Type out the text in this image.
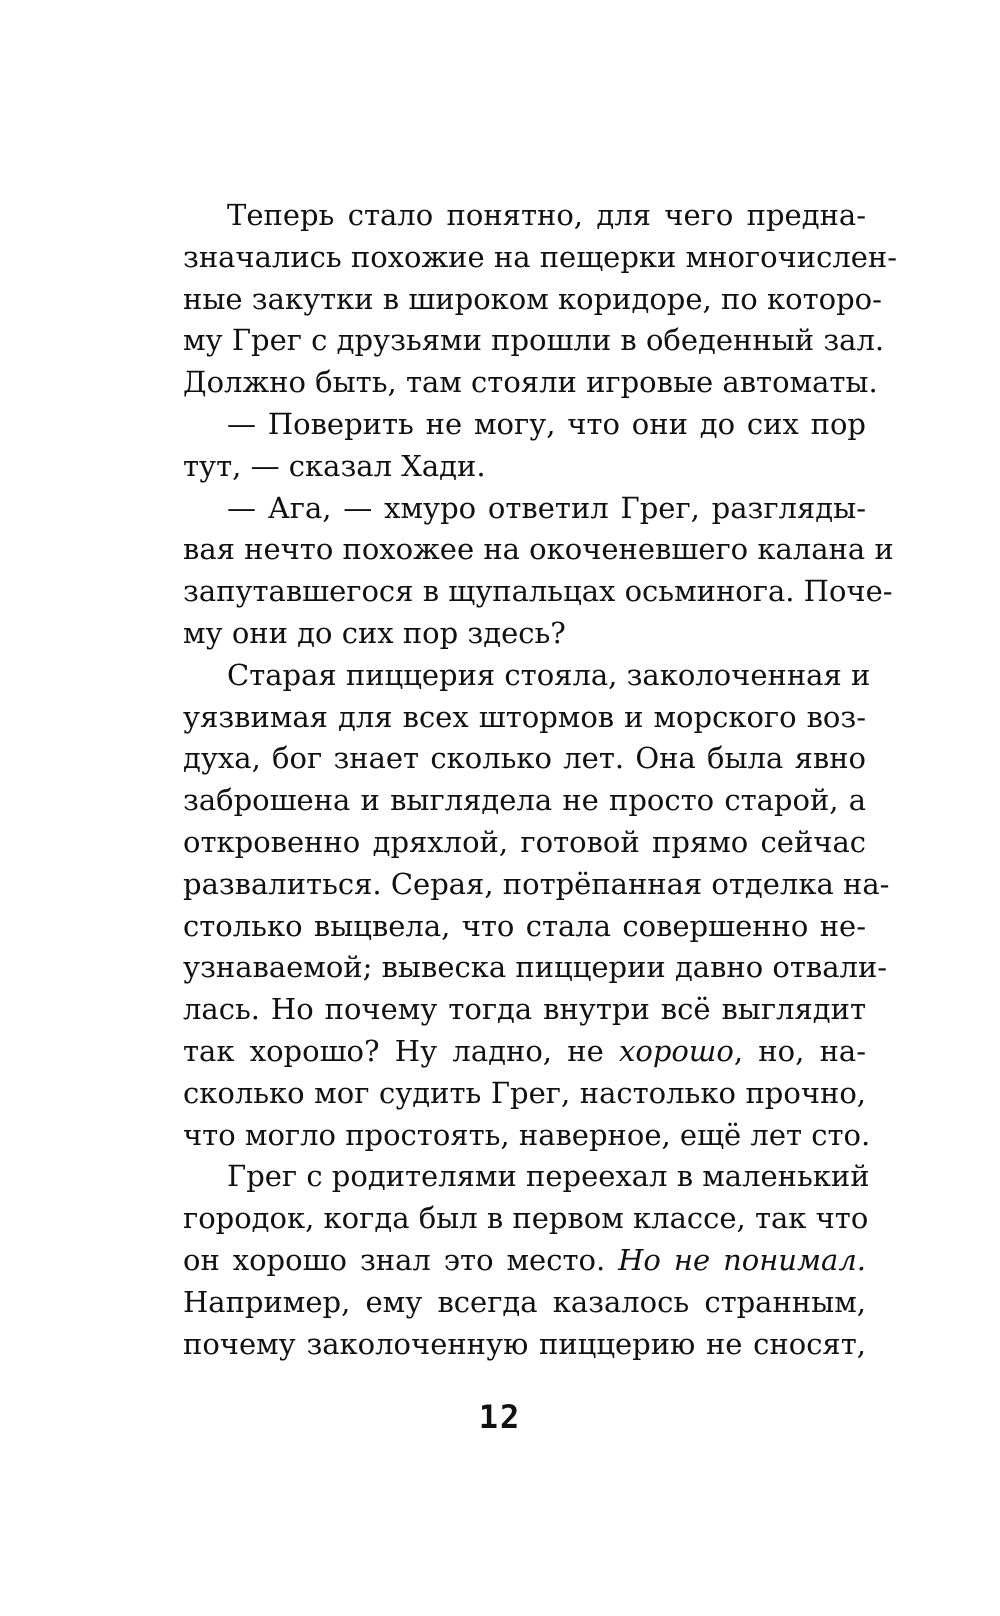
Теперь стало понятно, для чего предна-
значались похожие на пещерки многочислен-
ные закутки в широком коридоре, по которо-
му Грег с друзьями прошли в обеденный зал.
Должно быть, там стояли игровые автоматы.
— Поверить не могу, что они до сих пор
тут, — сказал Хади.
— Ага, — хмуро ответил Грег, разгляды-
вая нечто похожее на окоченевшего калана и
запутавшегося в щупальцах осьминога. Поче-
му они до сих пор здесь?
Старая пиццерия стояла, заколоченная и
уязвимая для всех штормов и морского воз-
духа, бог знает сколько лет. Она была явно
заброшена и выглядела не просто старой, а
откровенно дряхлой, готовой прямо сейчас
развалиться. Серая, потрёпанная отделка на-
столько выцвела, что стала совершенно не-
узнаваемой; вывеска пиццерии давно отвали-
лась. Но почему тогда внутри всё выглядит
так хорошо? Ну ладно, не хорошо, но, на-
сколько мог судить Грег, настолько прочно,
что могло простоять, наверное, ещё лет сто.
Грег с родителями переехал в маленький
городок, когда был в первом классе, так что
он хорошо знал это место. Но не понимал.
Например, ему всегда казалось странным,
почему заколоченную пиццерию не сносят,
12
